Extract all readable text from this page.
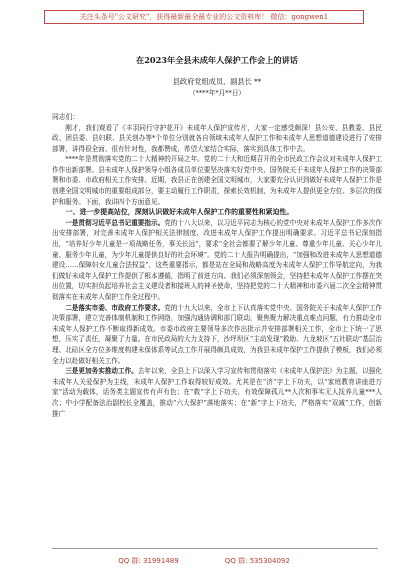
关注头条号"公文研究"，获得最新最全最专业的公文资料库！ 微信：gongwen1
在2023年全县未成年人保护工作会上的讲话
县政府党组成员、副县长 **
（****年*月**日）
同志们：

刚才，我们观看了《丰羽同行守护花开》未成年人保护宣传片，大家一定感受颇深！县公安、县教委、县民政、团县委、县妇联、县关创办等*个单位分别就各自领域未成年人保护工作和未成年人思想道德建设进行了安排部署，讲得很全面、很有针对性，我都赞成，希望大家结合实际，落实到具体工作中去。

****年是贯彻落实党的二十大精神的开局之年。党的二十大和近期召开的全市民政工作会议对未成年人保护工作作出新部署。县未成年人保护领导小组各成员单位要坚决落实好党中央、国务院关于未成年人保护工作的决策部署和市委、市政府相关工作安排。近期，我县正在创建全国文明城市，大家要充分认识到做好未成年人保护工作是创建全国文明城市的重要组成部分，要主动履行工作职责，探索长效机制，为未成年人提供更全方位、多层次的保护和服务。下面，我讲四个方面意见。

一、进一步提高站位，深刻认识做好未成年人保护工作的重要性和紧迫性。

一是贯彻习近平总书记重要指示。党的十八大以来，以习近平同志为核心的党中央对未成年人保护工作多次作出安排部署，对完善未成年人保护相关法律制度、改进未成年人保护工作提出明确要求。习近平总书记深刻指出，“培养好少年儿童是一项战略任务，事关长远”，要求“全社会都要了解少年儿童、尊重少年儿童、关心少年儿童、服务少年儿童，为少年儿童提供良好的社会环境”。党的二十大报告明确提出，“加强和改进未成年人思想道德建设……保障妇女儿童合法权益”，这些重要指示，都是站在全局和战略高度为未成年人保护工作导航定向，为我们做好未成年人保护工作提供了根本遵循，指明了前进方向。我们必须深刻领会，坚持把未成年人保护工作摆在突出位置，切实担负起培养社会主义建设者和接班人的神圣使命，坚持把党的二十大精神和市委六届二次全会精神贯彻落实在未成年人保护工作全过程中。

二是落实市委、市政府工作要求。党的十九大以来，全市上下认真落实党中央、国务院关于未成年人保护工作决策部署，建立完善体制机制和工作网络，加强沟通协调和部门联动，聚焦聚力解决重点难点问题，有力推动全市未成年人保护工作不断取得新成效。市委市政府主要领导多次作出批示并安排部署相关工作，全市上下统一了思想，压实了责任，凝聚了力量。在市民政局的大力支持下，沙坪坝区“主动发现”救助、九龙坡区“五社联动”基层治理、北碚区全方位多维度构建未保体系等试点工作开展得颇具成效，为我县未成年保护工作提供了模板，我们必须全力以赴做好相关工作。

三是更加务实推动工作。去年以来，全县上下以深入学习宣传和贯彻落实《未成年人保护法》为主题，以强化未成年人关爱保护为主线，未成年人保护工作取得较好成效。尤其是在“济”字上下功夫，以“家庭教育讲座进万家”活动为载体，话务类主题宣传有声有色；在“救”字上下功夫，有效保障孤儿**人次和事实无人抚养儿童***人次；中小学配备法治副校长全覆盖，推动“六大保护”落地落实；在“新”字上下功夫，严格落实“双减”工作，创新推广

QQ 群: 31991489	QQ 群: 535304092
